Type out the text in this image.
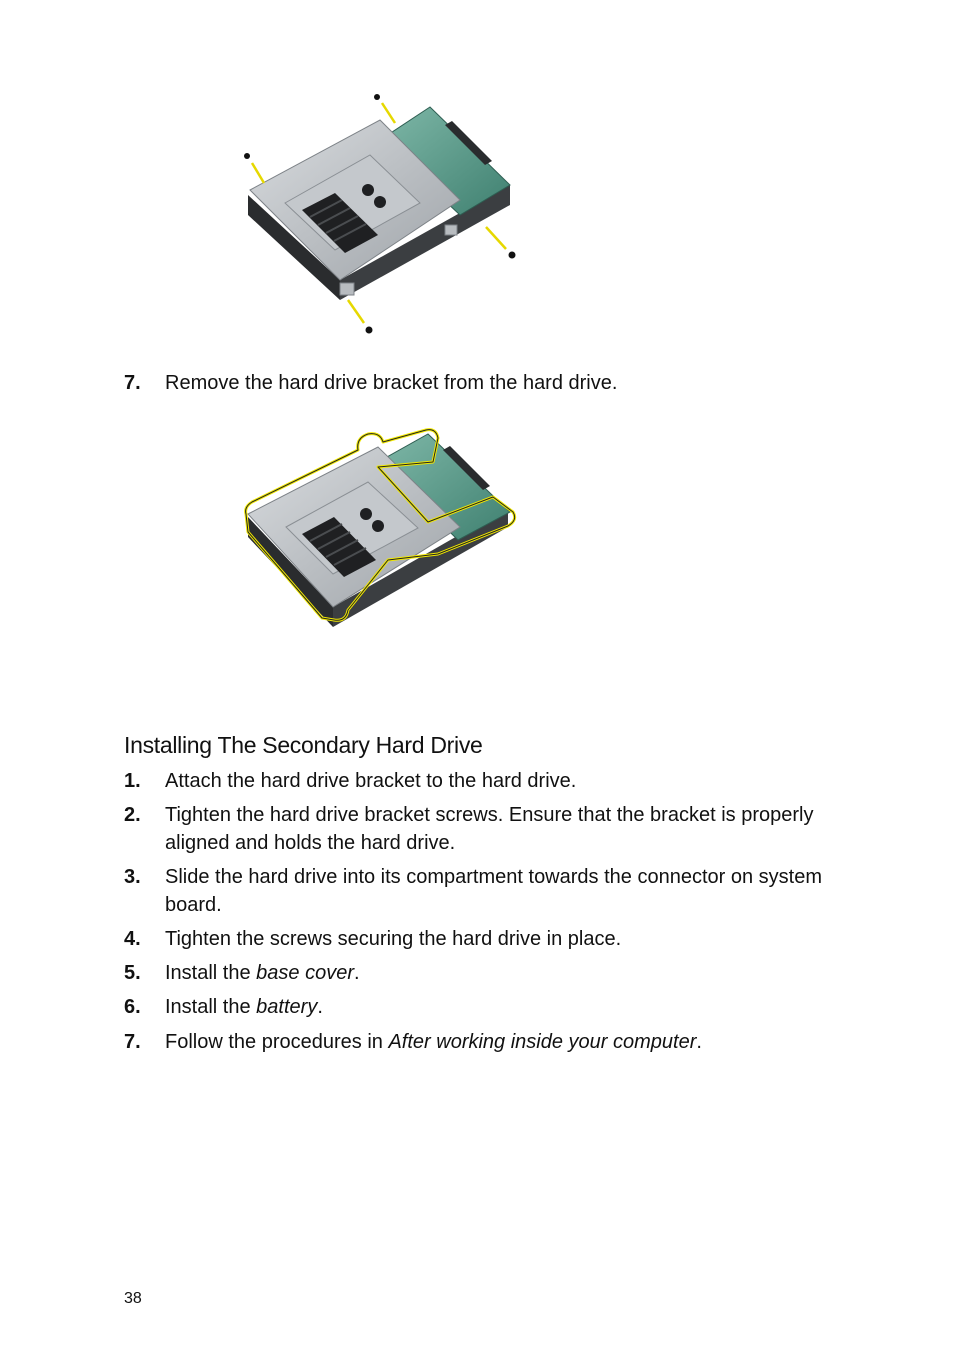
7. Remove the hard drive bracket from the hard drive.
Installing The Secondary Hard Drive
1. Attach the hard drive bracket to the hard drive.
2. Tighten the hard drive bracket screws. Ensure that the bracket is properly aligned and holds the hard drive.
3. Slide the hard drive into its compartment towards the connector on system board.
4. Tighten the screws securing the hard drive in place.
5. Install the base cover.
6. Install the battery.
7. Follow the procedures in After working inside your computer.
38
